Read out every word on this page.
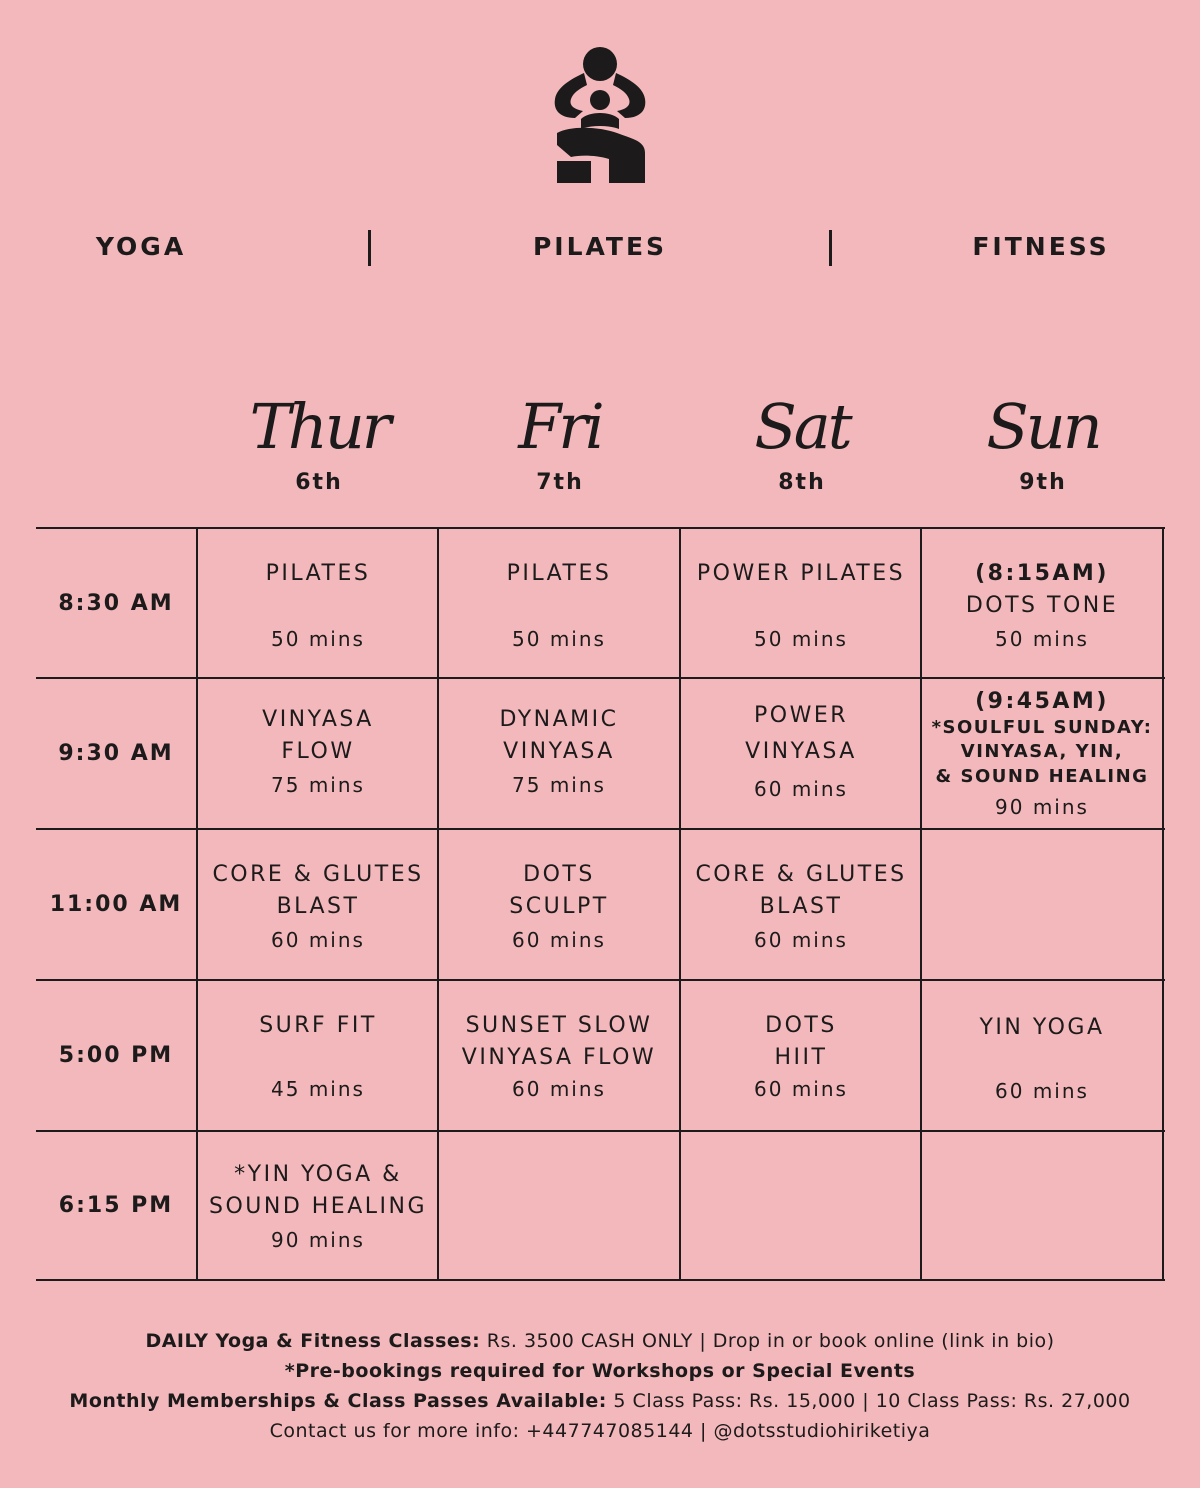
YOGA	PILATES	FITNESS
Thur
6th
Fri
7th
Sat
8th
Sun
9th
8:30 AM
9:30 AM
11:00 AM
5:00 PM
6:15 PM
PILATES
50 mins
PILATES
50 mins
POWER PILATES
50 mins
(8:15AM)
DOTS TONE
50 mins
VINYASA
FLOW
75 mins
DYNAMIC
VINYASA
75 mins
POWER
VINYASA
60 mins
(9:45AM)
*SOULFUL SUNDAY:
VINYASA, YIN,
& SOUND HEALING
90 mins
CORE & GLUTES
BLAST
60 mins
DOTS
SCULPT
60 mins
CORE & GLUTES
BLAST
60 mins
SURF FIT
45 mins
SUNSET SLOW
VINYASA FLOW
60 mins
DOTS
HIIT
60 mins
YIN YOGA
60 mins
*YIN YOGA &
SOUND HEALING
90 mins
DAILY Yoga & Fitness Classes: Rs. 3500 CASH ONLY | Drop in or book online (link in bio)
*Pre-bookings required for Workshops or Special Events
Monthly Memberships & Class Passes Available: 5 Class Pass: Rs. 15,000 | 10 Class Pass: Rs. 27,000
Contact us for more info: +447747085144 | @dotsstudiohiriketiya
